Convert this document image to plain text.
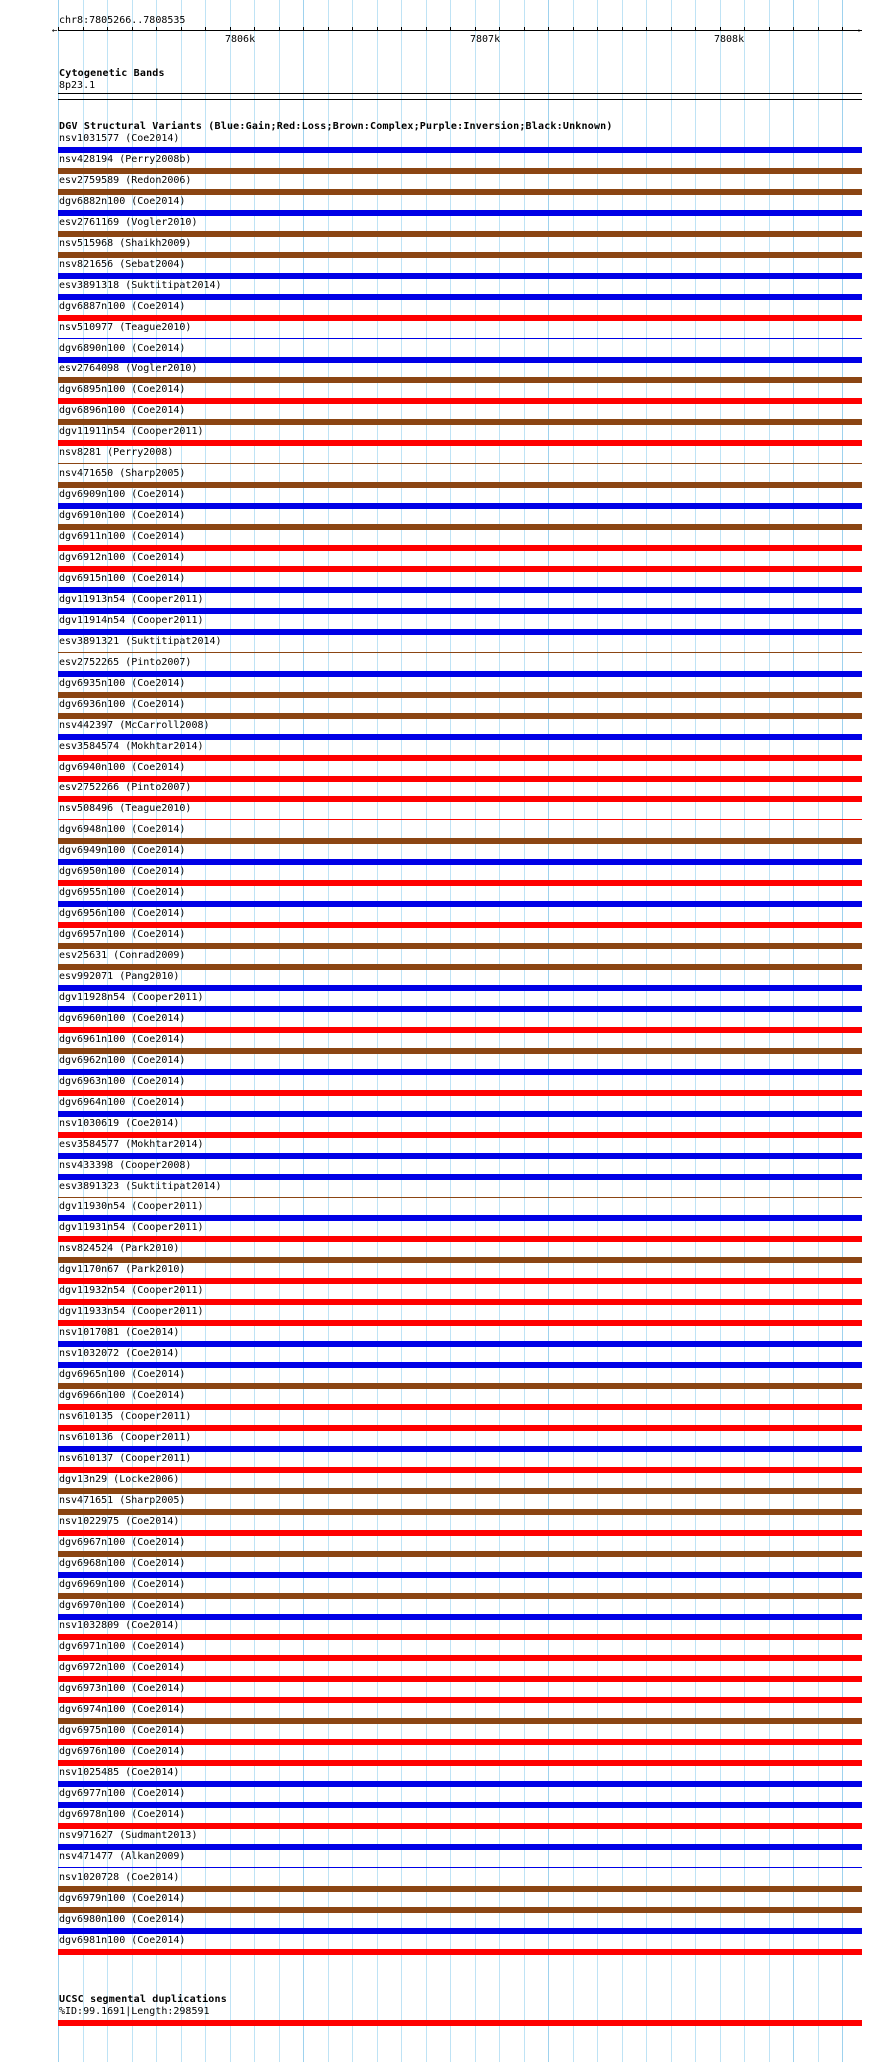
chr8:7805266..7808535
←	→
7806k	7807k	7808k
Cytogenetic Bands
8p23.1
DGV Structural Variants (Blue:Gain;Red:Loss;Brown:Complex;Purple:Inversion;Black:Unknown)
nsv1031577 (Coe2014)
nsv428194 (Perry2008b)
esv2759589 (Redon2006)
dgv6882n100 (Coe2014)
esv2761169 (Vogler2010)
nsv515968 (Shaikh2009)
nsv821656 (Sebat2004)
esv3891318 (Suktitipat2014)
dgv6887n100 (Coe2014)
nsv510977 (Teague2010)
dgv6890n100 (Coe2014)
esv2764098 (Vogler2010)
dgv6895n100 (Coe2014)
dgv6896n100 (Coe2014)
dgv11911n54 (Cooper2011)
nsv8281 (Perry2008)
nsv471650 (Sharp2005)
dgv6909n100 (Coe2014)
dgv6910n100 (Coe2014)
dgv6911n100 (Coe2014)
dgv6912n100 (Coe2014)
dgv6915n100 (Coe2014)
dgv11913n54 (Cooper2011)
dgv11914n54 (Cooper2011)
esv3891321 (Suktitipat2014)
esv2752265 (Pinto2007)
dgv6935n100 (Coe2014)
dgv6936n100 (Coe2014)
nsv442397 (McCarroll2008)
esv3584574 (Mokhtar2014)
dgv6940n100 (Coe2014)
esv2752266 (Pinto2007)
nsv508496 (Teague2010)
dgv6948n100 (Coe2014)
dgv6949n100 (Coe2014)
dgv6950n100 (Coe2014)
dgv6955n100 (Coe2014)
dgv6956n100 (Coe2014)
dgv6957n100 (Coe2014)
esv25631 (Conrad2009)
esv992071 (Pang2010)
dgv11928n54 (Cooper2011)
dgv6960n100 (Coe2014)
dgv6961n100 (Coe2014)
dgv6962n100 (Coe2014)
dgv6963n100 (Coe2014)
dgv6964n100 (Coe2014)
nsv1030619 (Coe2014)
esv3584577 (Mokhtar2014)
nsv433398 (Cooper2008)
esv3891323 (Suktitipat2014)
dgv11930n54 (Cooper2011)
dgv11931n54 (Cooper2011)
nsv824524 (Park2010)
dgv1170n67 (Park2010)
dgv11932n54 (Cooper2011)
dgv11933n54 (Cooper2011)
nsv1017081 (Coe2014)
nsv1032072 (Coe2014)
dgv6965n100 (Coe2014)
dgv6966n100 (Coe2014)
nsv610135 (Cooper2011)
nsv610136 (Cooper2011)
nsv610137 (Cooper2011)
dgv13n29 (Locke2006)
nsv471651 (Sharp2005)
nsv1022975 (Coe2014)
dgv6967n100 (Coe2014)
dgv6968n100 (Coe2014)
dgv6969n100 (Coe2014)
dgv6970n100 (Coe2014)
nsv1032809 (Coe2014)
dgv6971n100 (Coe2014)
dgv6972n100 (Coe2014)
dgv6973n100 (Coe2014)
dgv6974n100 (Coe2014)
dgv6975n100 (Coe2014)
dgv6976n100 (Coe2014)
nsv1025485 (Coe2014)
dgv6977n100 (Coe2014)
dgv6978n100 (Coe2014)
nsv971627 (Sudmant2013)
nsv471477 (Alkan2009)
nsv1020728 (Coe2014)
dgv6979n100 (Coe2014)
dgv6980n100 (Coe2014)
dgv6981n100 (Coe2014)
UCSC segmental duplications
%ID:99.1691|Length:298591
